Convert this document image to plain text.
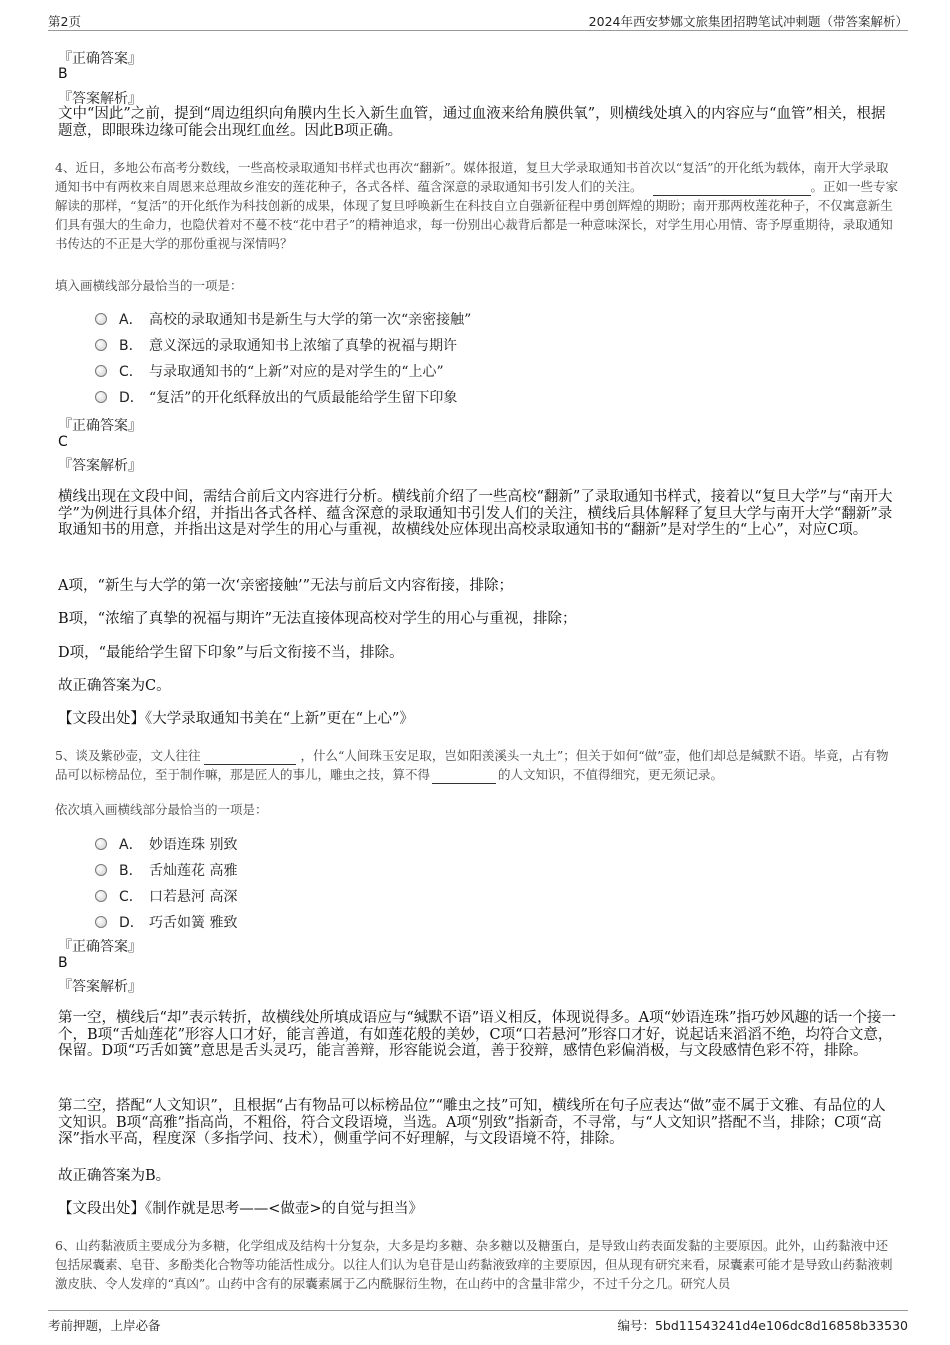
第2页	2024年西安梦娜文旅集团招聘笔试冲刺题（带答案解析）
『正确答案』
B
『答案解析』
文中“因此”之前，提到“周边组织向角膜内生长入新生血管，通过血液来给角膜供氧”，则横线处填入的内容应与“血管”相关，根据题意，即眼珠边缘可能会出现红血丝。因此B项正确。
4、近日，多地公布高考分数线，一些高校录取通知书样式也再次“翻新”。媒体报道，复旦大学录取通知书首次以“复活”的开化纸为载体，南开大学录取通知书中有两枚来自周恩来总理故乡淮安的莲花种子，各式各样、蕴含深意的录取通知书引发人们的关注。	。正如一些专家解读的那样，“复活”的开化纸作为科技创新的成果，体现了复旦呼唤新生在科技自立自强新征程中勇创辉煌的期盼；南开那两枚莲花种子，不仅寓意新生们具有强大的生命力，也隐伏着对不蔓不枝“花中君子”的精神追求，每一份别出心裁背后都是一种意味深长，对学生用心用情、寄予厚重期待，录取通知书传达的不正是大学的那份重视与深情吗？
填入画横线部分最恰当的一项是：
A． 高校的录取通知书是新生与大学的第一次“亲密接触”
B． 意义深远的录取通知书上浓缩了真挚的祝福与期许
C． 与录取通知书的“上新”对应的是对学生的“上心”
D． “复活”的开化纸释放出的气质最能给学生留下印象
『正确答案』
C
『答案解析』
横线出现在文段中间，需结合前后文内容进行分析。横线前介绍了一些高校“翻新”了录取通知书样式，接着以“复旦大学”与“南开大学”为例进行具体介绍，并指出各式各样、蕴含深意的录取通知书引发人们的关注，横线后具体解释了复旦大学与南开大学“翻新”录取通知书的用意，并指出这是对学生的用心与重视，故横线处应体现出高校录取通知书的“翻新”是对学生的“上心”，对应C项。
A项，“新生与大学的第一次‘亲密接触’”无法与前后文内容衔接，排除；
B项，“浓缩了真挚的祝福与期许”无法直接体现高校对学生的用心与重视，排除；
D项，“最能给学生留下印象”与后文衔接不当，排除。
故正确答案为C。
【文段出处】《大学录取通知书美在“上新”更在“上心”》
5、谈及紫砂壶，文人往往	，什么“人间珠玉安足取，岂如阳羡溪头一丸土”；但关于如何“做”壶，他们却总是缄默不语。毕竟，占有物品可以标榜品位，至于制作嘛，那是匠人的事儿，雕虫之技，算不得	的人文知识，不值得细究，更无须记录。
依次填入画横线部分最恰当的一项是：
A． 妙语连珠 别致
B． 舌灿莲花 高雅
C． 口若悬河 高深
D． 巧舌如簧 雅致
『正确答案』
B
『答案解析』
第一空，横线后“却”表示转折，故横线处所填成语应与“缄默不语”语义相反，体现说得多。A项“妙语连珠”指巧妙风趣的话一个接一个，B项“舌灿莲花”形容人口才好，能言善道，有如莲花般的美妙，C项“口若悬河”形容口才好，说起话来滔滔不绝，均符合文意，保留。D项“巧舌如簧”意思是舌头灵巧，能言善辩，形容能说会道，善于狡辩，感情色彩偏消极，与文段感情色彩不符，排除。
第二空，搭配“人文知识”，且根据“占有物品可以标榜品位”“雕虫之技”可知，横线所在句子应表达“做”壶不属于文雅、有品位的人文知识。B项“高雅”指高尚，不粗俗，符合文段语境，当选。A项“别致”指新奇，不寻常，与“人文知识”搭配不当，排除；C项“高深”指水平高，程度深（多指学问、技术），侧重学问不好理解，与文段语境不符，排除。
故正确答案为B。
【文段出处】《制作就是思考——<做壶>的自觉与担当》
6、山药黏液质主要成分为多糖，化学组成及结构十分复杂，大多是均多糖、杂多糖以及糖蛋白，是导致山药表面发黏的主要原因。此外，山药黏液中还包括尿囊素、皂苷、多酚类化合物等功能活性成分。以往人们认为皂苷是山药黏液致痒的主要原因，但从现有研究来看，尿囊素可能才是导致山药黏液刺激皮肤、令人发痒的“真凶”。山药中含有的尿囊素属于乙内酰脲衍生物，在山药中的含量非常少，不过千分之几。研究人员
考前押题，上岸必备	编号：5bd11543241d4e106dc8d16858b33530
